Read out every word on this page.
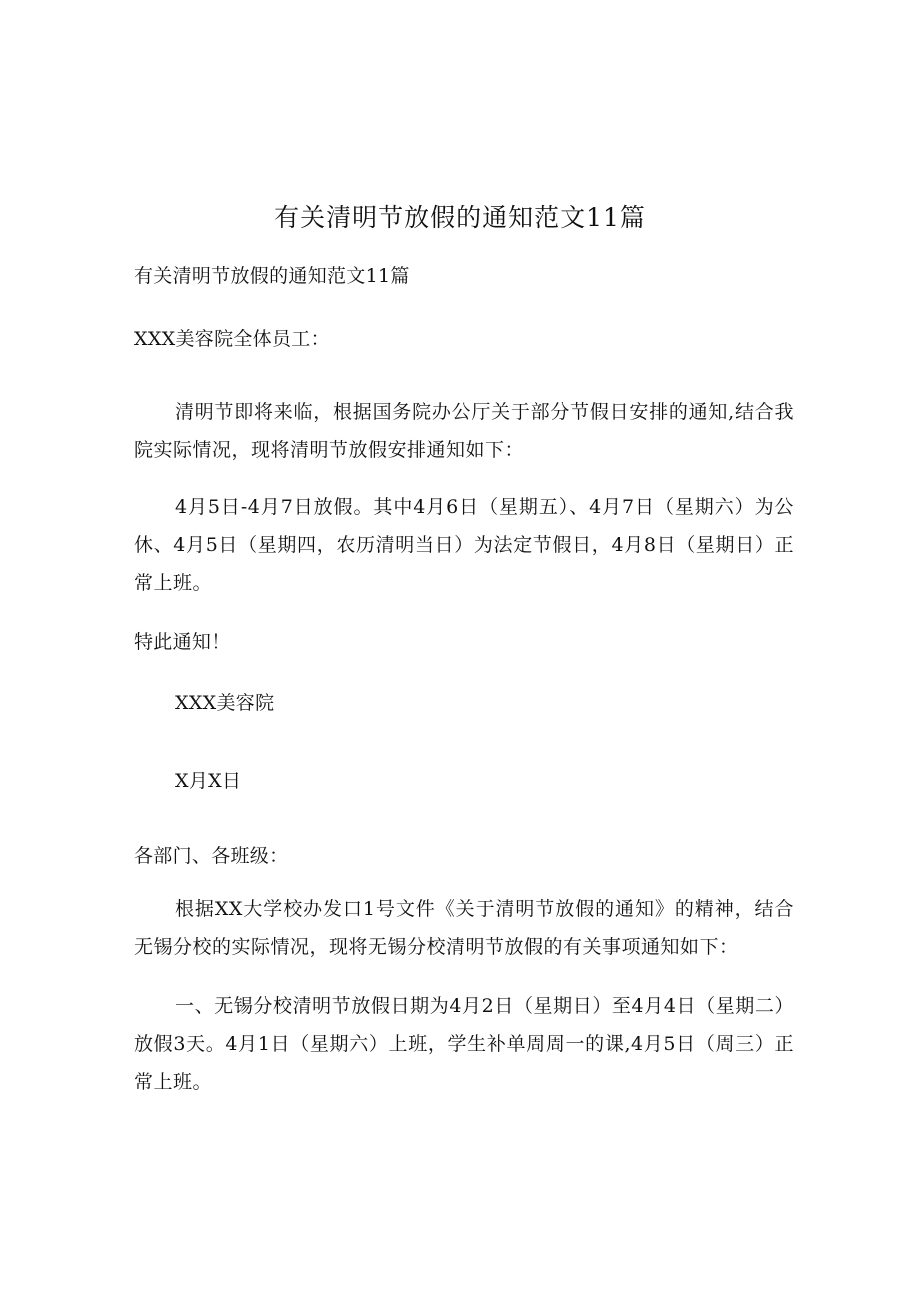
有关清明节放假的通知范文11篇
有关清明节放假的通知范文11篇
XXX美容院全体员工：
清明节即将来临，根据国务院办公厅关于部分节假日安排的通知,结合我院实际情况，现将清明节放假安排通知如下：
4月5日-4月7日放假。其中4月6日（星期五）、4月7日（星期六）为公休、4月5日（星期四，农历清明当日）为法定节假日，4月8日（星期日）正常上班。
特此通知！
XXX美容院
X月X日
各部门、各班级：
根据XX大学校办发口1号文件《关于清明节放假的通知》的精神，结合无锡分校的实际情况，现将无锡分校清明节放假的有关事项通知如下：
一、无锡分校清明节放假日期为4月2日（星期日）至4月4日（星期二）放假3天。4月1日（星期六）上班，学生补单周周一的课,4月5日（周三）正常上班。
